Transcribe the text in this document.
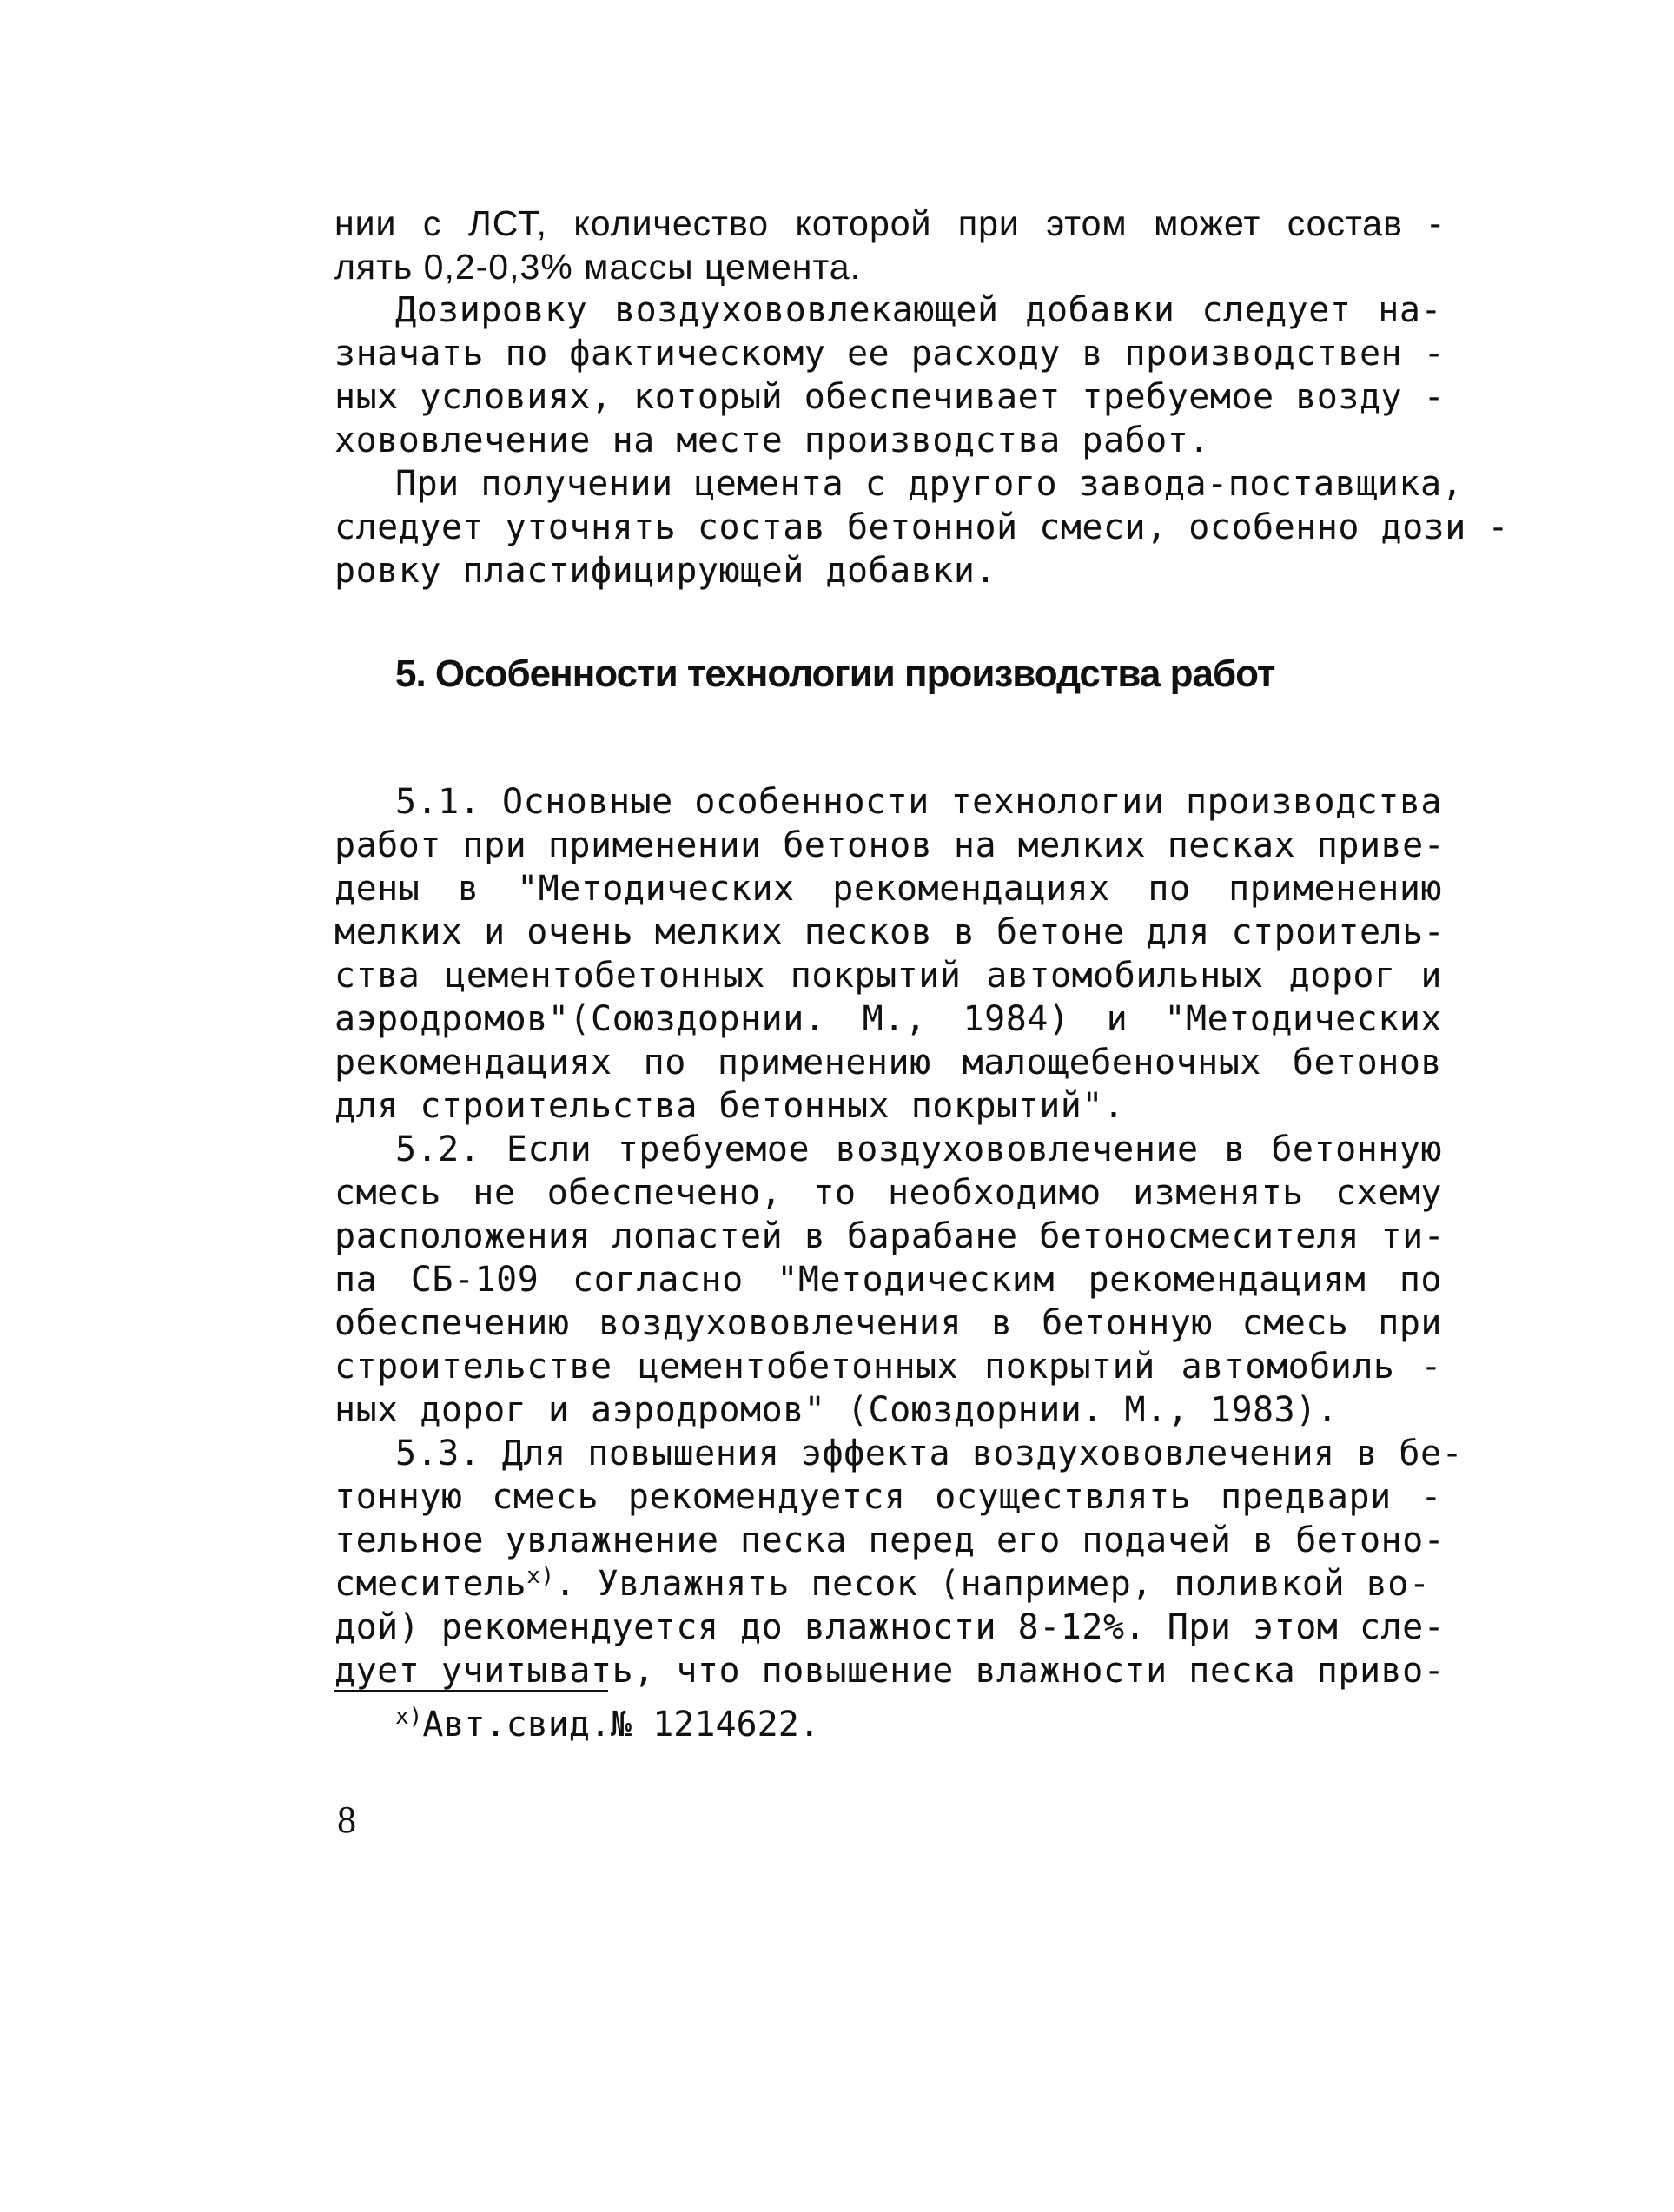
нии с ЛСТ, количество которой при этом может состав -
лять 0,2-0,3% массы цемента.
Дозировку воздухововлекающей добавки следует на-
значать по фактическому ее расходу в производствен -
ных условиях, который обеспечивает требуемое возду -
хововлечение на месте производства работ.
При получении цемента с другого завода-поставщика,
следует уточнять состав бетонной смеси, особенно дози -
ровку пластифицирующей добавки.
5. Особенности технологии производства работ
5.1. Основные особенности технологии производства
работ при применении бетонов на мелких песках приве-
дены в "Методических рекомендациях по применению
мелких и очень мелких песков в бетоне для строитель-
ства цементобетонных покрытий автомобильных дорог и
аэродромов"(Союздорнии. М., 1984) и "Методических
рекомендациях по применению малощебеночных бетонов
для строительства бетонных покрытий".
5.2. Если требуемое воздухововлечение в бетонную
смесь не обеспечено, то необходимо изменять схему
расположения лопастей в барабане бетоносмесителя ти-
па СБ-109 согласно "Методическим рекомендациям по
обеспечению воздухововлечения в бетонную смесь при
строительстве цементобетонных покрытий автомобиль -
ных дорог и аэродромов" (Союздорнии. М., 1983).
5.3. Для повышения эффекта воздухововлечения в бе-
тонную смесь рекомендуется осуществлять предвари -
тельное увлажнение песка перед его подачей в бетоно-
смеситель$^{х)}$. Увлажнять песок (например, поливкой во-
дой) рекомендуется до влажности 8-12%. При этом сле-
дует учитывать, что повышение влажности песка приво-
$^{х)}$Авт.свид.№ 1214622.
8
